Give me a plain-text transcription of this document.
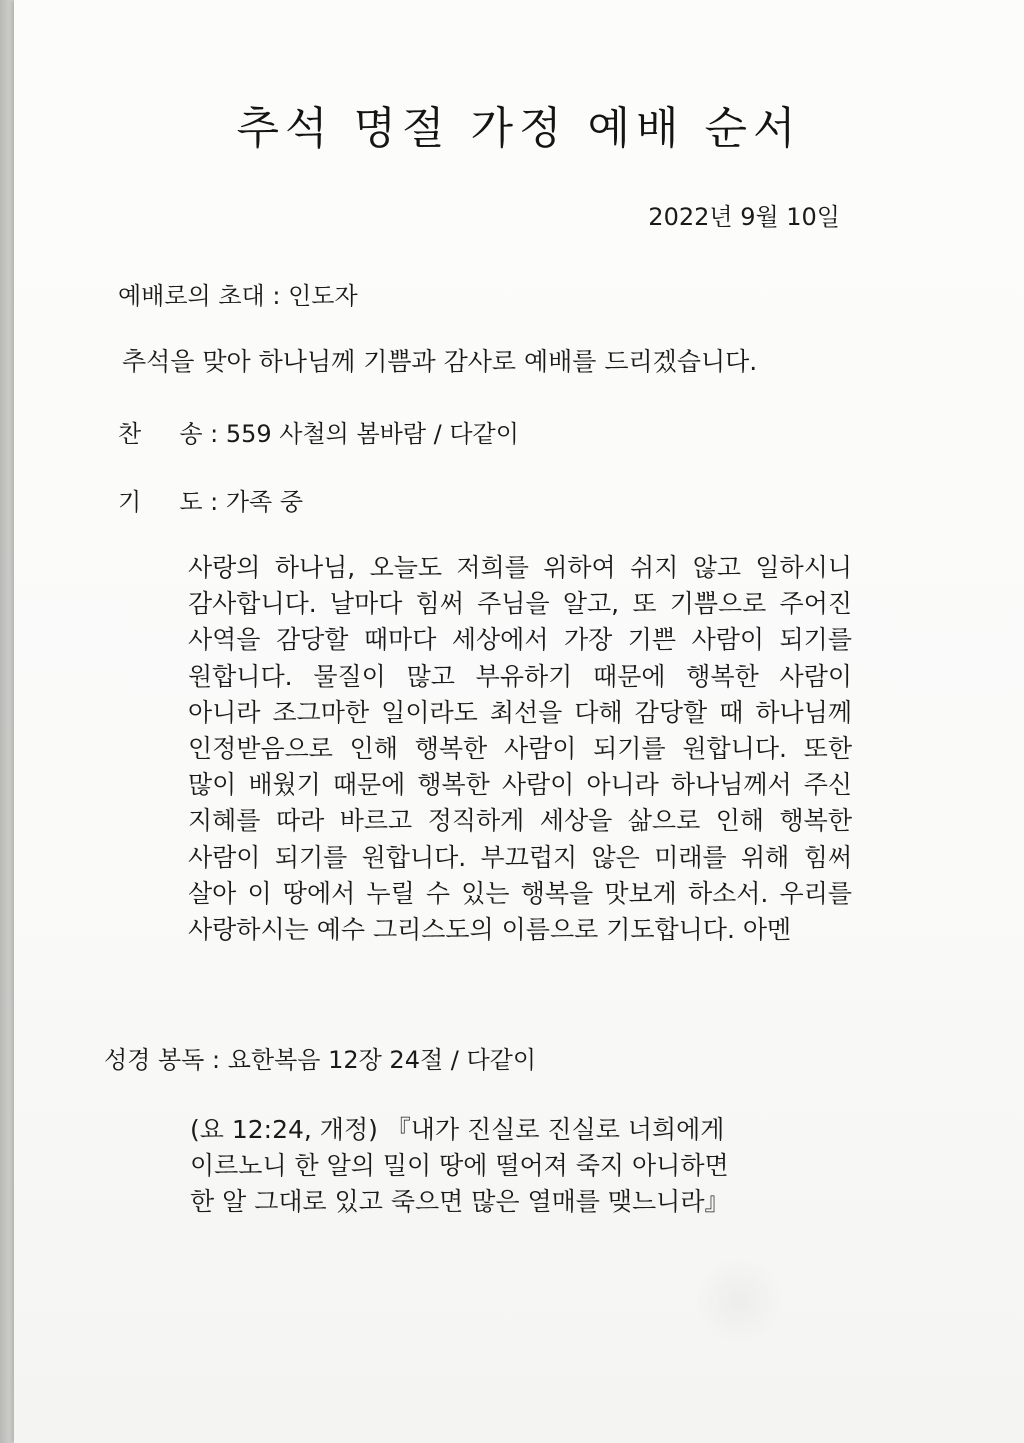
추석 명절 가정 예배 순서
2022년 9월 10일
예배로의 초대 : 인도자
추석을 맞아 하나님께 기쁨과 감사로 예배를 드리겠습니다.
찬     송 : 559 사철의 봄바람 / 다같이
기     도 : 가족 중

사랑의 하나님, 오늘도 저희를 위하여 쉬지 않고 일하시니 감사합니다. 날마다 힘써 주님을 알고, 또 기쁨으로 주어진 사역을 감당할 때마다 세상에서 가장 기쁜 사람이 되기를 원합니다. 물질이 많고 부유하기 때문에 행복한 사람이 아니라 조그마한 일이라도 최선을 다해 감당할 때 하나님께 인정받음으로 인해 행복한 사람이 되기를 원합니다. 또한 많이 배웠기 때문에 행복한 사람이 아니라 하나님께서 주신 지혜를 따라 바르고 정직하게 세상을 삶으로 인해 행복한 사람이 되기를 원합니다. 부끄럽지 않은 미래를 위해 힘써 살아 이 땅에서 누릴 수 있는 행복을 맛보게 하소서. 우리를 사랑하시는 예수 그리스도의 이름으로 기도합니다. 아멘

성경 봉독 : 요한복음 12장 24절 / 다같이

(요 12:24, 개정) 『내가 진실로 진실로 너희에게
이르노니 한 알의 밀이 땅에 떨어져 죽지 아니하면
한 알 그대로 있고 죽으면 많은 열매를 맺느니라』
